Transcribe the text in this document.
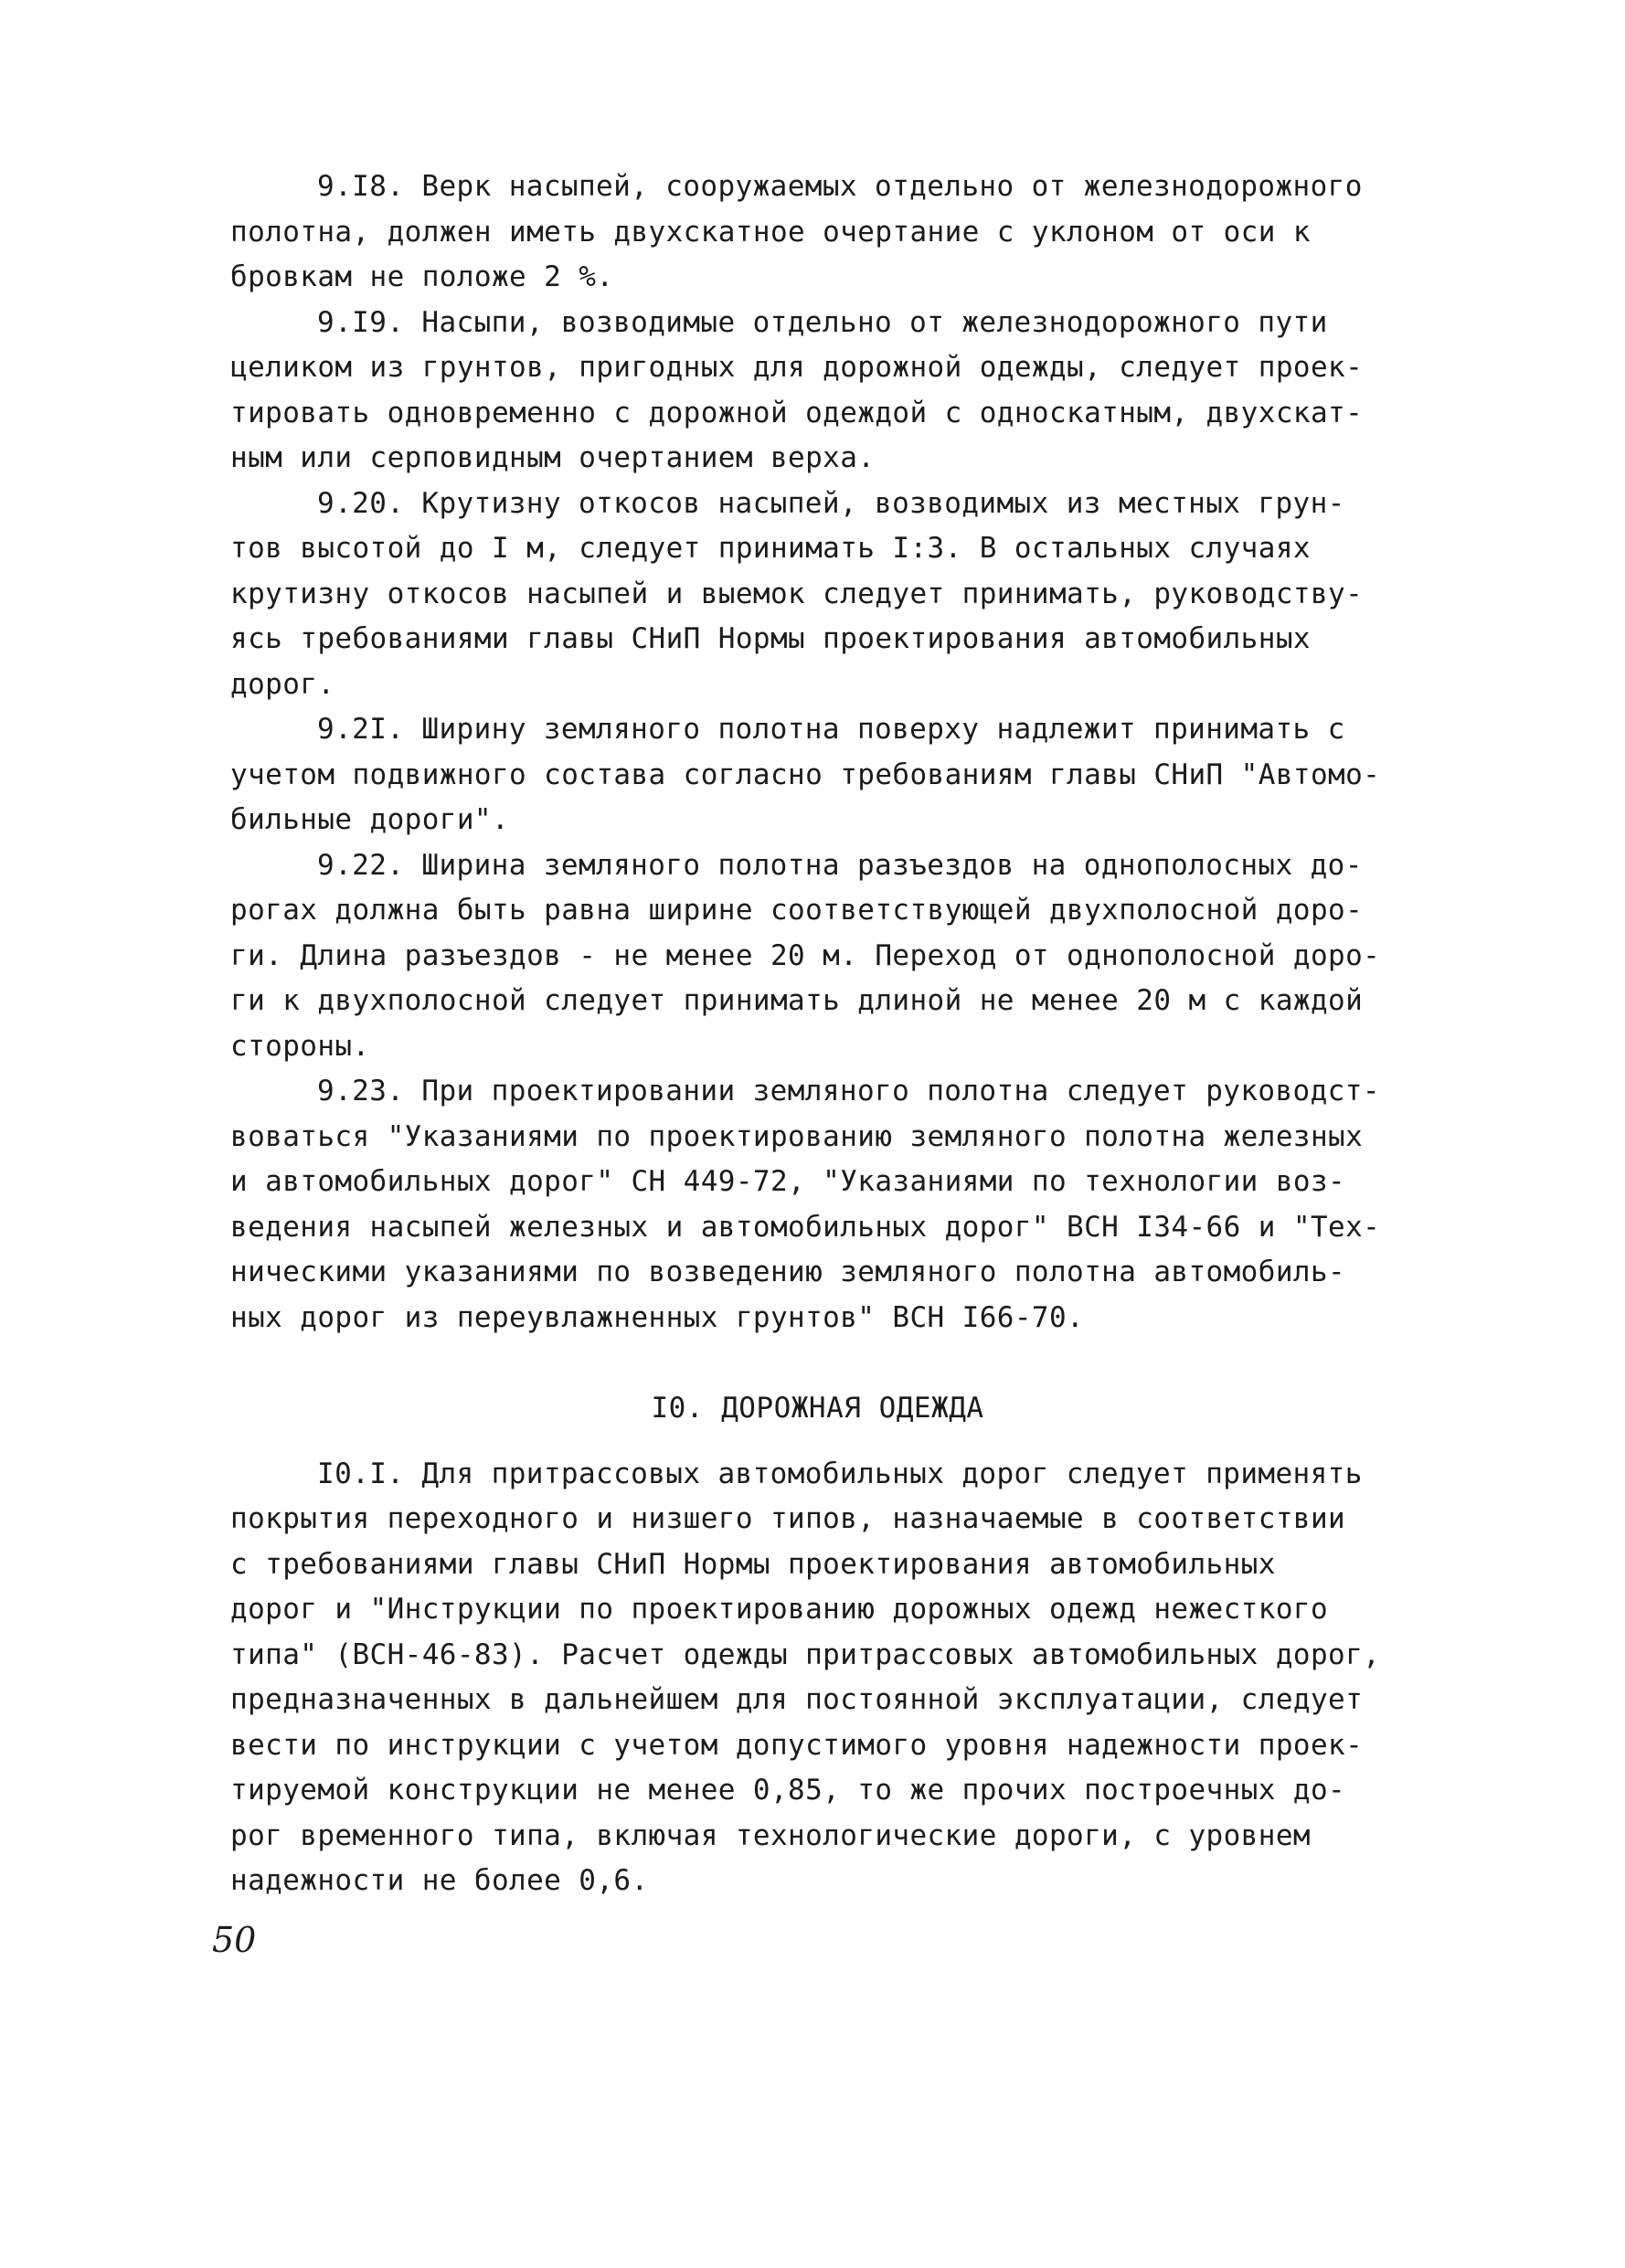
9.I8. Верк насыпей, сооружаемых отдельно от железнодорожного
полотна, должен иметь двухскатное очертание с уклоном от оси к
бровкам не положе 2 %.
9.I9. Насыпи, возводимые отдельно от железнодорожного пути
целиком из грунтов, пригодных для дорожной одежды, следует проек-
тировать одновременно с дорожной одеждой с односкатным, двухскат-
ным или серповидным очертанием верха.
9.20. Крутизну откосов насыпей, возводимых из местных грун-
тов высотой до I м, следует принимать I:3. В остальных случаях
крутизну откосов насыпей и выемок следует принимать, руководству-
ясь требованиями главы СНиП Нормы проектирования автомобильных
дорог.
9.2I. Ширину земляного полотна поверху надлежит принимать с
учетом подвижного состава согласно требованиям главы СНиП "Автомо-
бильные дороги".
9.22. Ширина земляного полотна разъездов на однополосных до-
рогах должна быть равна ширине соответствующей двухполосной доро-
ги. Длина разъездов - не менее 20 м. Переход от однополосной доро-
ги к двухполосной следует принимать длиной не менее 20 м с каждой
стороны.
9.23. При проектировании земляного полотна следует руководст-
воваться "Указаниями по проектированию земляного полотна железных
и автомобильных дорог" СН 449-72, "Указаниями по технологии воз-
ведения насыпей железных и автомобильных дорог" ВСН I34-66 и "Тех-
ническими указаниями по возведению земляного полотна автомобиль-
ных дорог из переувлажненных грунтов" ВСН I66-70.
I0. ДОРОЖНАЯ ОДЕЖДА
I0.I. Для притрассовых автомобильных дорог следует применять
покрытия переходного и низшего типов, назначаемые в соответствии
с требованиями главы СНиП Нормы проектирования автомобильных
дорог и "Инструкции по проектированию дорожных одежд нежесткого
типа" (ВСН-46-83). Расчет одежды притрассовых автомобильных дорог,
предназначенных в дальнейшем для постоянной эксплуатации, следует
вести по инструкции с учетом допустимого уровня надежности проек-
тируемой конструкции не менее 0,85, то же прочих построечных до-
рог временного типа, включая технологические дороги, с уровнем
надежности не более 0,6.
50
